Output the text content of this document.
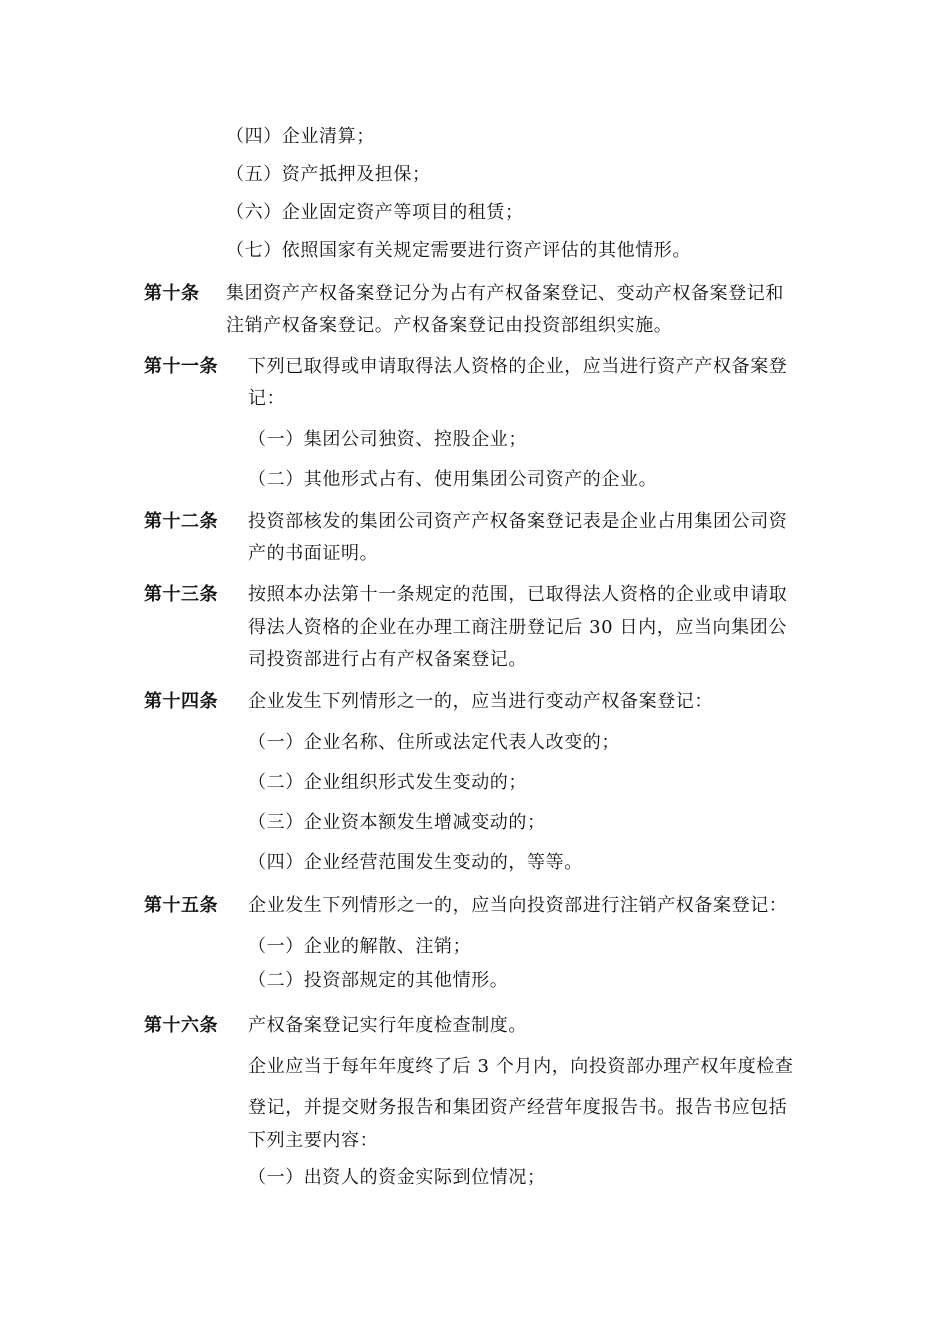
（四）企业清算；
（五）资产抵押及担保；
（六）企业固定资产等项目的租赁；
（七）依照国家有关规定需要进行资产评估的其他情形。
第十条 集团资产产权备案登记分为占有产权备案登记、变动产权备案登记和
注销产权备案登记。产权备案登记由投资部组织实施。
第十一条 下列已取得或申请取得法人资格的企业，应当进行资产产权备案登
记：
（一）集团公司独资、控股企业；
（二）其他形式占有、使用集团公司资产的企业。
第十二条 投资部核发的集团公司资产产权备案登记表是企业占用集团公司资
产的书面证明。
第十三条 按照本办法第十一条规定的范围，已取得法人资格的企业或申请取
得法人资格的企业在办理工商注册登记后 30 日内，应当向集团公
司投资部进行占有产权备案登记。
第十四条 企业发生下列情形之一的，应当进行变动产权备案登记：
（一）企业名称、住所或法定代表人改变的；
（二）企业组织形式发生变动的；
（三）企业资本额发生增减变动的；
（四）企业经营范围发生变动的，等等。
第十五条 企业发生下列情形之一的，应当向投资部进行注销产权备案登记：
（一）企业的解散、注销；
（二）投资部规定的其他情形。
第十六条 产权备案登记实行年度检查制度。
企业应当于每年年度终了后 3 个月内，向投资部办理产权年度检查
登记，并提交财务报告和集团资产经营年度报告书。报告书应包括
下列主要内容：
（一）出资人的资金实际到位情况；
